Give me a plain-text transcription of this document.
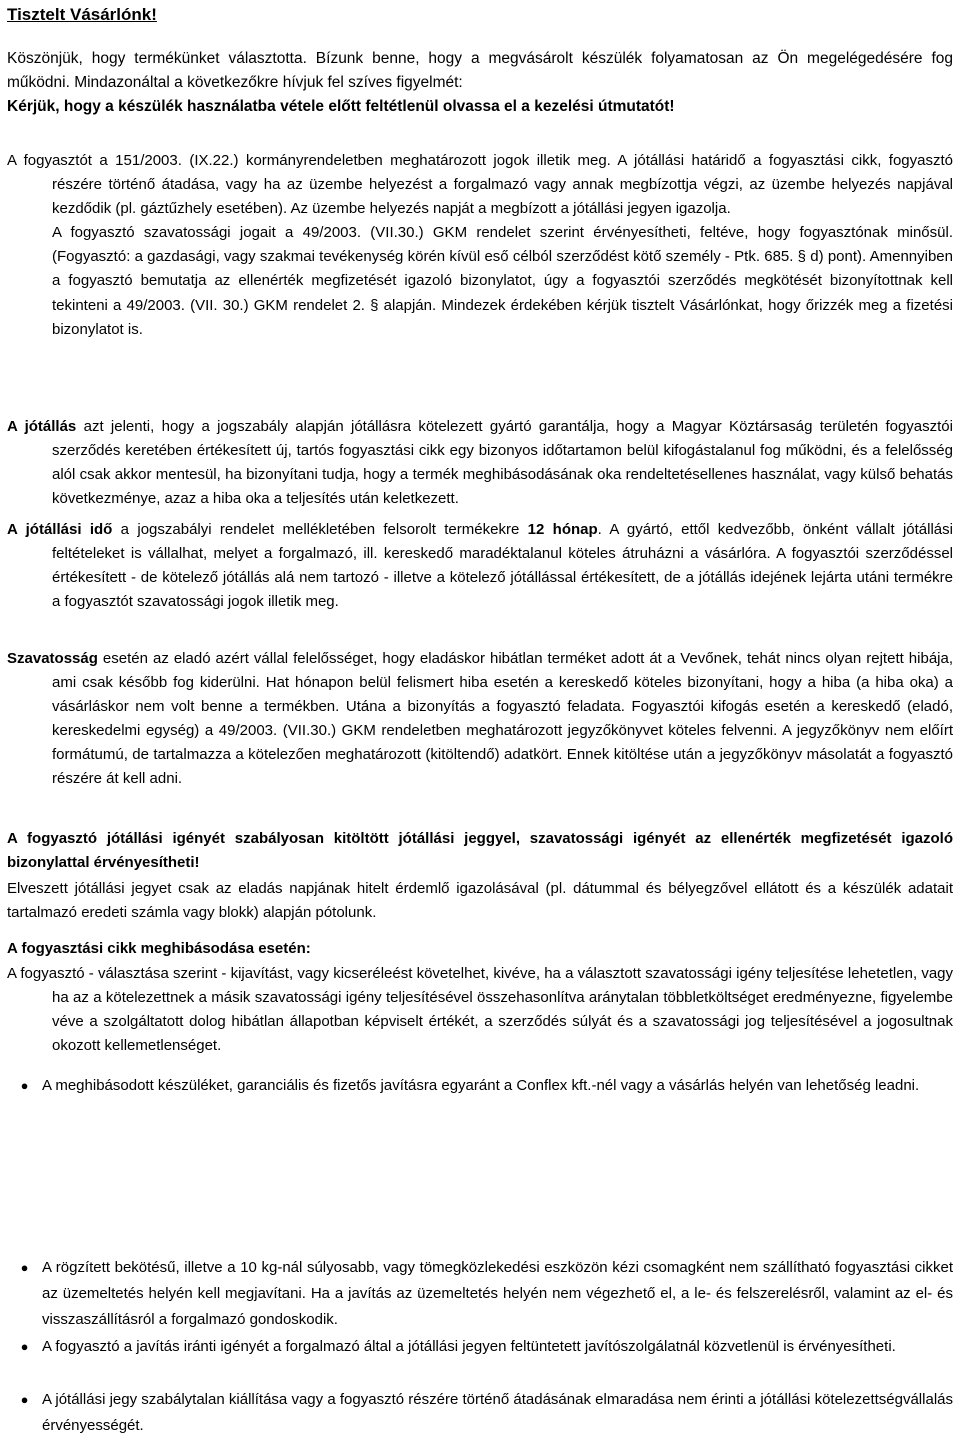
Tisztelt Vásárlónk!
Köszönjük, hogy termékünket választotta. Bízunk benne, hogy a megvásárolt készülék folyamatosan az Ön megelégedésére fog működni. Mindazonáltal a következőkre hívjuk fel szíves figyelmét:
Kérjük, hogy a készülék használatba vétele előtt feltétlenül olvassa el a kezelési útmutatót!
A fogyasztót a 151/2003. (IX.22.) kormányrendeletben meghatározott jogok illetik meg. A jótállási határidő a fogyasztási cikk, fogyasztó részére történő átadása, vagy ha az üzembe helyezést a forgalmazó vagy annak megbízottja végzi, az üzembe helyezés napjával kezdődik (pl. gáztűzhely esetében). Az üzembe helyezés napját a megbízott a jótállási jegyen igazolja.
A fogyasztó szavatossági jogait a 49/2003. (VII.30.) GKM rendelet szerint érvényesítheti, feltéve, hogy fogyasztónak minősül. (Fogyasztó: a gazdasági, vagy szakmai tevékenység körén kívül eső célból szerződést kötő személy - Ptk. 685. § d) pont). Amennyiben a fogyasztó bemutatja az ellenérték megfizetését igazoló bizonylatot, úgy a fogyasztói szerződés megkötését bizonyítottnak kell tekinteni a 49/2003. (VII. 30.) GKM rendelet 2. § alapján. Mindezek érdekében kérjük tisztelt Vásárlónkat, hogy őrizzék meg a fizetési bizonylatot is.
A jótállás azt jelenti, hogy a jogszabály alapján jótállásra kötelezett gyártó garantálja, hogy a Magyar Köztársaság területén fogyasztói szerződés keretében értékesített új, tartós fogyasztási cikk egy bizonyos időtartamon belül kifogástalanul fog működni, és a felelősség alól csak akkor mentesül, ha bizonyítani tudja, hogy a termék meghibásodásának oka rendeltetésellenes használat, vagy külső behatás következménye, azaz a hiba oka a teljesítés után keletkezett.
A jótállási idő a jogszabályi rendelet mellékletében felsorolt termékekre 12 hónap. A gyártó, ettől kedvezőbb, önként vállalt jótállási feltételeket is vállalhat, melyet a forgalmazó, ill. kereskedő maradéktalanul köteles átruházni a vásárlóra. A fogyasztói szerződéssel értékesített - de kötelező jótállás alá nem tartozó - illetve a kötelező jótállással értékesített, de a jótállás idejének lejárta utáni termékre a fogyasztót szavatossági jogok illetik meg.
Szavatosság esetén az eladó azért vállal felelősséget, hogy eladáskor hibátlan terméket adott át a Vevőnek, tehát nincs olyan rejtett hibája, ami csak később fog kiderülni. Hat hónapon belül felismert hiba esetén a kereskedő köteles bizonyítani, hogy a hiba (a hiba oka) a vásárláskor nem volt benne a termékben. Utána a bizonyítás a fogyasztó feladata. Fogyasztói kifogás esetén a kereskedő (eladó, kereskedelmi egység) a 49/2003. (VII.30.) GKM rendeletben meghatározott jegyzőkönyvet köteles felvenni. A jegyzőkönyv nem előírt formátumú, de tartalmazza a kötelezően meghatározott (kitöltendő) adatkört. Ennek kitöltése után a jegyzőkönyv másolatát a fogyasztó részére át kell adni.
A fogyasztó jótállási igényét szabályosan kitöltött jótállási jeggyel, szavatossági igényét az ellenérték megfizetését igazoló bizonylattal érvényesítheti!
Elveszett jótállási jegyet csak az eladás napjának hitelt érdemlő igazolásával (pl. dátummal és bélyegzővel ellátott és a készülék adatait tartalmazó eredeti számla vagy blokk) alapján pótolunk.
A fogyasztási cikk meghibásodása esetén:
A fogyasztó - választása szerint - kijavítást, vagy kicseréleést követelhet, kivéve, ha a választott szavatossági igény teljesítése lehetetlen, vagy ha az a kötelezettnek a másik szavatossági igény teljesítésével összehasonlítva aránytalan többletköltséget eredményezne, figyelembe véve a szolgáltatott dolog hibátlan állapotban képviselt értékét, a szerződés súlyát és a szavatossági jog teljesítésével a jogosultnak okozott kellemetlenséget.
● A meghibásodott készüléket, garanciális és fizetős javításra egyaránt a Conflex kft.-nél vagy a vásárlás helyén van lehetőség leadni.
● A rögzített bekötésű, illetve a 10 kg-nál súlyosabb, vagy tömegközlekedési eszközön kézi csomagként nem szállítható fogyasztási cikket az üzemeltetés helyén kell megjavítani. Ha a javítás az üzemeltetés helyén nem végezhető el, a le- és felszerelésről, valamint az el- és visszaszállításról a forgalmazó gondoskodik.
● A fogyasztó a javítás iránti igényét a forgalmazó által a jótállási jegyen feltüntetett javítószolgálatnál közvetlenül is érvényesítheti.
● A jótállási jegy szabálytalan kiállítása vagy a fogyasztó részére történő átadásának elmaradása nem érinti a jótállási kötelezettségvállalás érvényességét.
